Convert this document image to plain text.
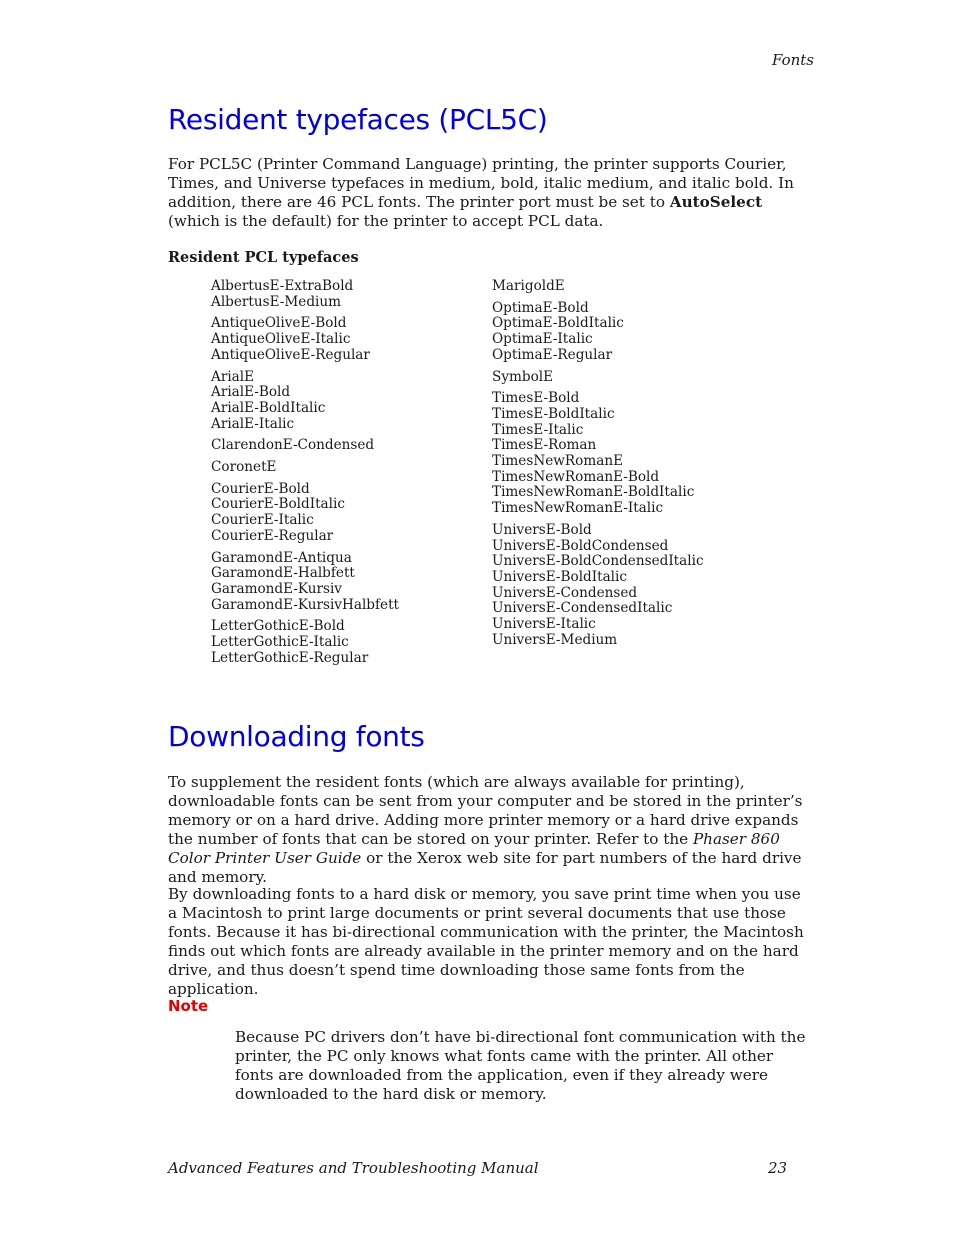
Fonts
Resident typefaces (PCL5C)
For PCL5C (Printer Command Language) printing, the printer supports Courier, Times, and Universe typefaces in medium, bold, italic medium, and italic bold. In addition, there are 46 PCL fonts. The printer port must be set to AutoSelect (which is the default) for the printer to accept PCL data.
Resident PCL typefaces
AlbertusE-ExtraBold
AlbertusE-Medium
AntiqueOliveE-Bold
AntiqueOliveE-Italic
AntiqueOliveE-Regular
ArialE
ArialE-Bold
ArialE-BoldItalic
ArialE-Italic
ClarendonE-Condensed
CoronetE
CourierE-Bold
CourierE-BoldItalic
CourierE-Italic
CourierE-Regular
GaramondE-Antiqua
GaramondE-Halbfett
GaramondE-Kursiv
GaramondE-KursivHalbfett
LetterGothicE-Bold
LetterGothicE-Italic
LetterGothicE-Regular
MarigoldE
OptimaE-Bold
OptimaE-BoldItalic
OptimaE-Italic
OptimaE-Regular
SymbolE
TimesE-Bold
TimesE-BoldItalic
TimesE-Italic
TimesE-Roman
TimesNewRomanE
TimesNewRomanE-Bold
TimesNewRomanE-BoldItalic
TimesNewRomanE-Italic
UniversE-Bold
UniversE-BoldCondensed
UniversE-BoldCondensedItalic
UniversE-BoldItalic
UniversE-Condensed
UniversE-CondensedItalic
UniversE-Italic
UniversE-Medium
Downloading fonts
To supplement the resident fonts (which are always available for printing), downloadable fonts can be sent from your computer and be stored in the printer’s memory or on a hard drive. Adding more printer memory or a hard drive expands the number of fonts that can be stored on your printer. Refer to the Phaser 860 Color Printer User Guide or the Xerox web site for part numbers of the hard drive and memory.
By downloading fonts to a hard disk or memory, you save print time when you use a Macintosh to print large documents or print several documents that use those fonts. Because it has bi-directional communication with the printer, the Macintosh finds out which fonts are already available in the printer memory and on the hard drive, and thus doesn’t spend time downloading those same fonts from the application.
Note
Because PC drivers don’t have bi-directional font communication with the printer, the PC only knows what fonts came with the printer. All other fonts are downloaded from the application, even if they already were downloaded to the hard disk or memory.
Advanced Features and Troubleshooting Manual	23
